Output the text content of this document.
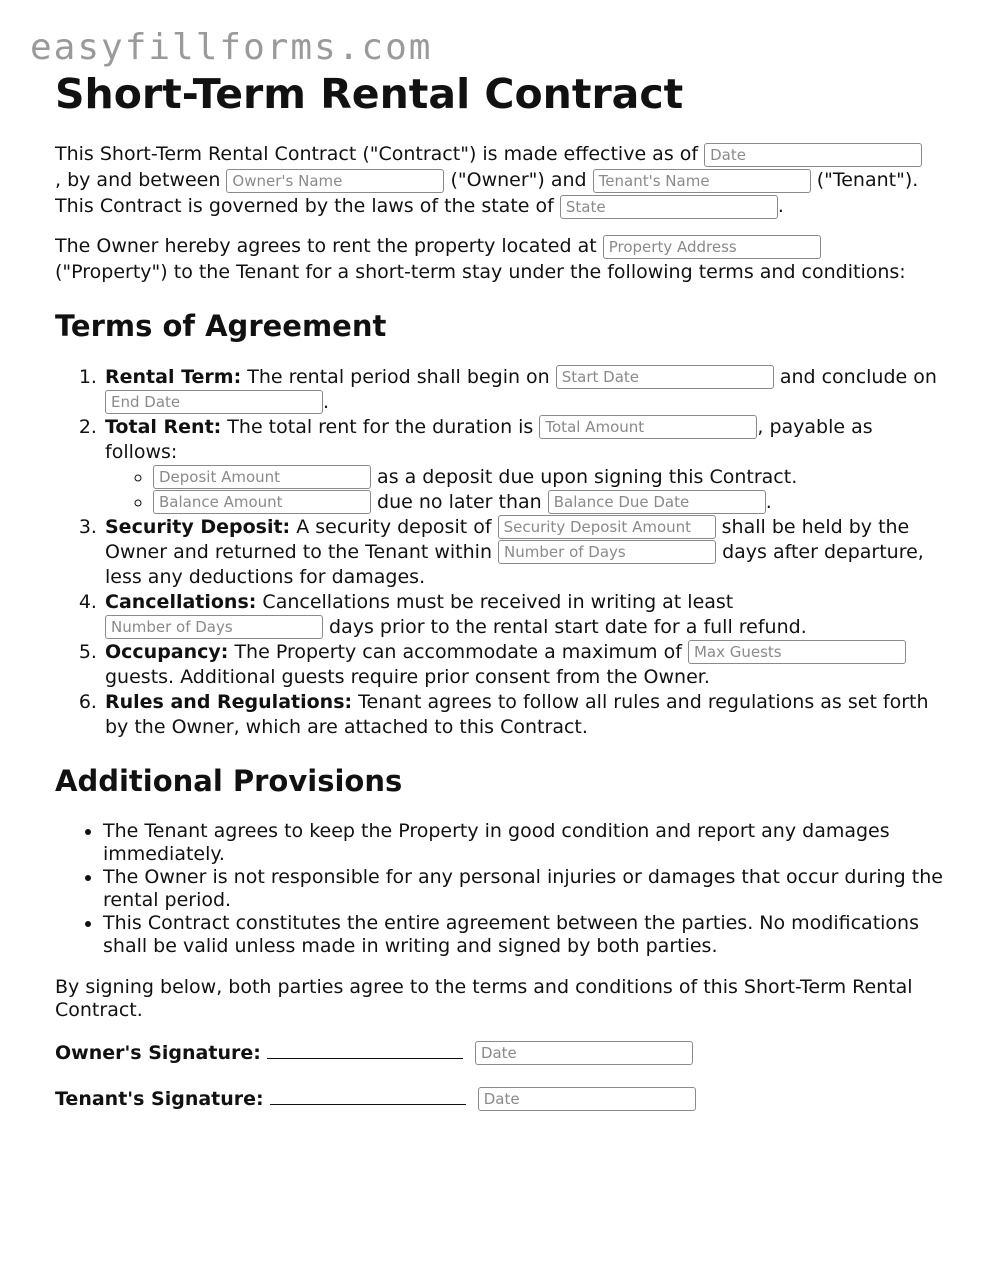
easyfillforms.com
Short-Term Rental Contract

This Short-Term Rental Contract ("Contract") is made effective as of Date
, by and between Owner's Name	("Owner") and Tenant's Name	("Tenant").
This Contract is governed by the laws of the state of State	.

The Owner hereby agrees to rent the property located at Property Address
("Property") to the Tenant for a short-term stay under the following terms and conditions:

Terms of Agreement
1. Rental Term: The rental period shall begin on Start Date	and conclude on End Date	.
2. Total Rent: The total rent for the duration is Total Amount	, payable as follows:
◦ Deposit Amount	as a deposit due upon signing this Contract.
◦ Balance Amount	due no later than Balance Due Date	.
3. Security Deposit: A security deposit of Security Deposit Amount shall be held by the Owner and returned to the Tenant within Number of Days	days after departure, less any deductions for damages.
4. Cancellations: Cancellations must be received in writing at least
Number of Days	days prior to the rental start date for a full refund.
5. Occupancy: The Property can accommodate a maximum of Max Guests guests. Additional guests require prior consent from the Owner.
6. Rules and Regulations: Tenant agrees to follow all rules and regulations as set forth by the Owner, which are attached to this Contract.
Additional Provisions
• The Tenant agrees to keep the Property in good condition and report any damages immediately.
• The Owner is not responsible for any personal injuries or damages that occur during the rental period.
• This Contract constitutes the entire agreement between the parties. No modifications shall be valid unless made in writing and signed by both parties.

By signing below, both parties agree to the terms and conditions of this Short-Term Rental Contract.

Owner's Signature:	Date
Tenant's Signature:	Date
